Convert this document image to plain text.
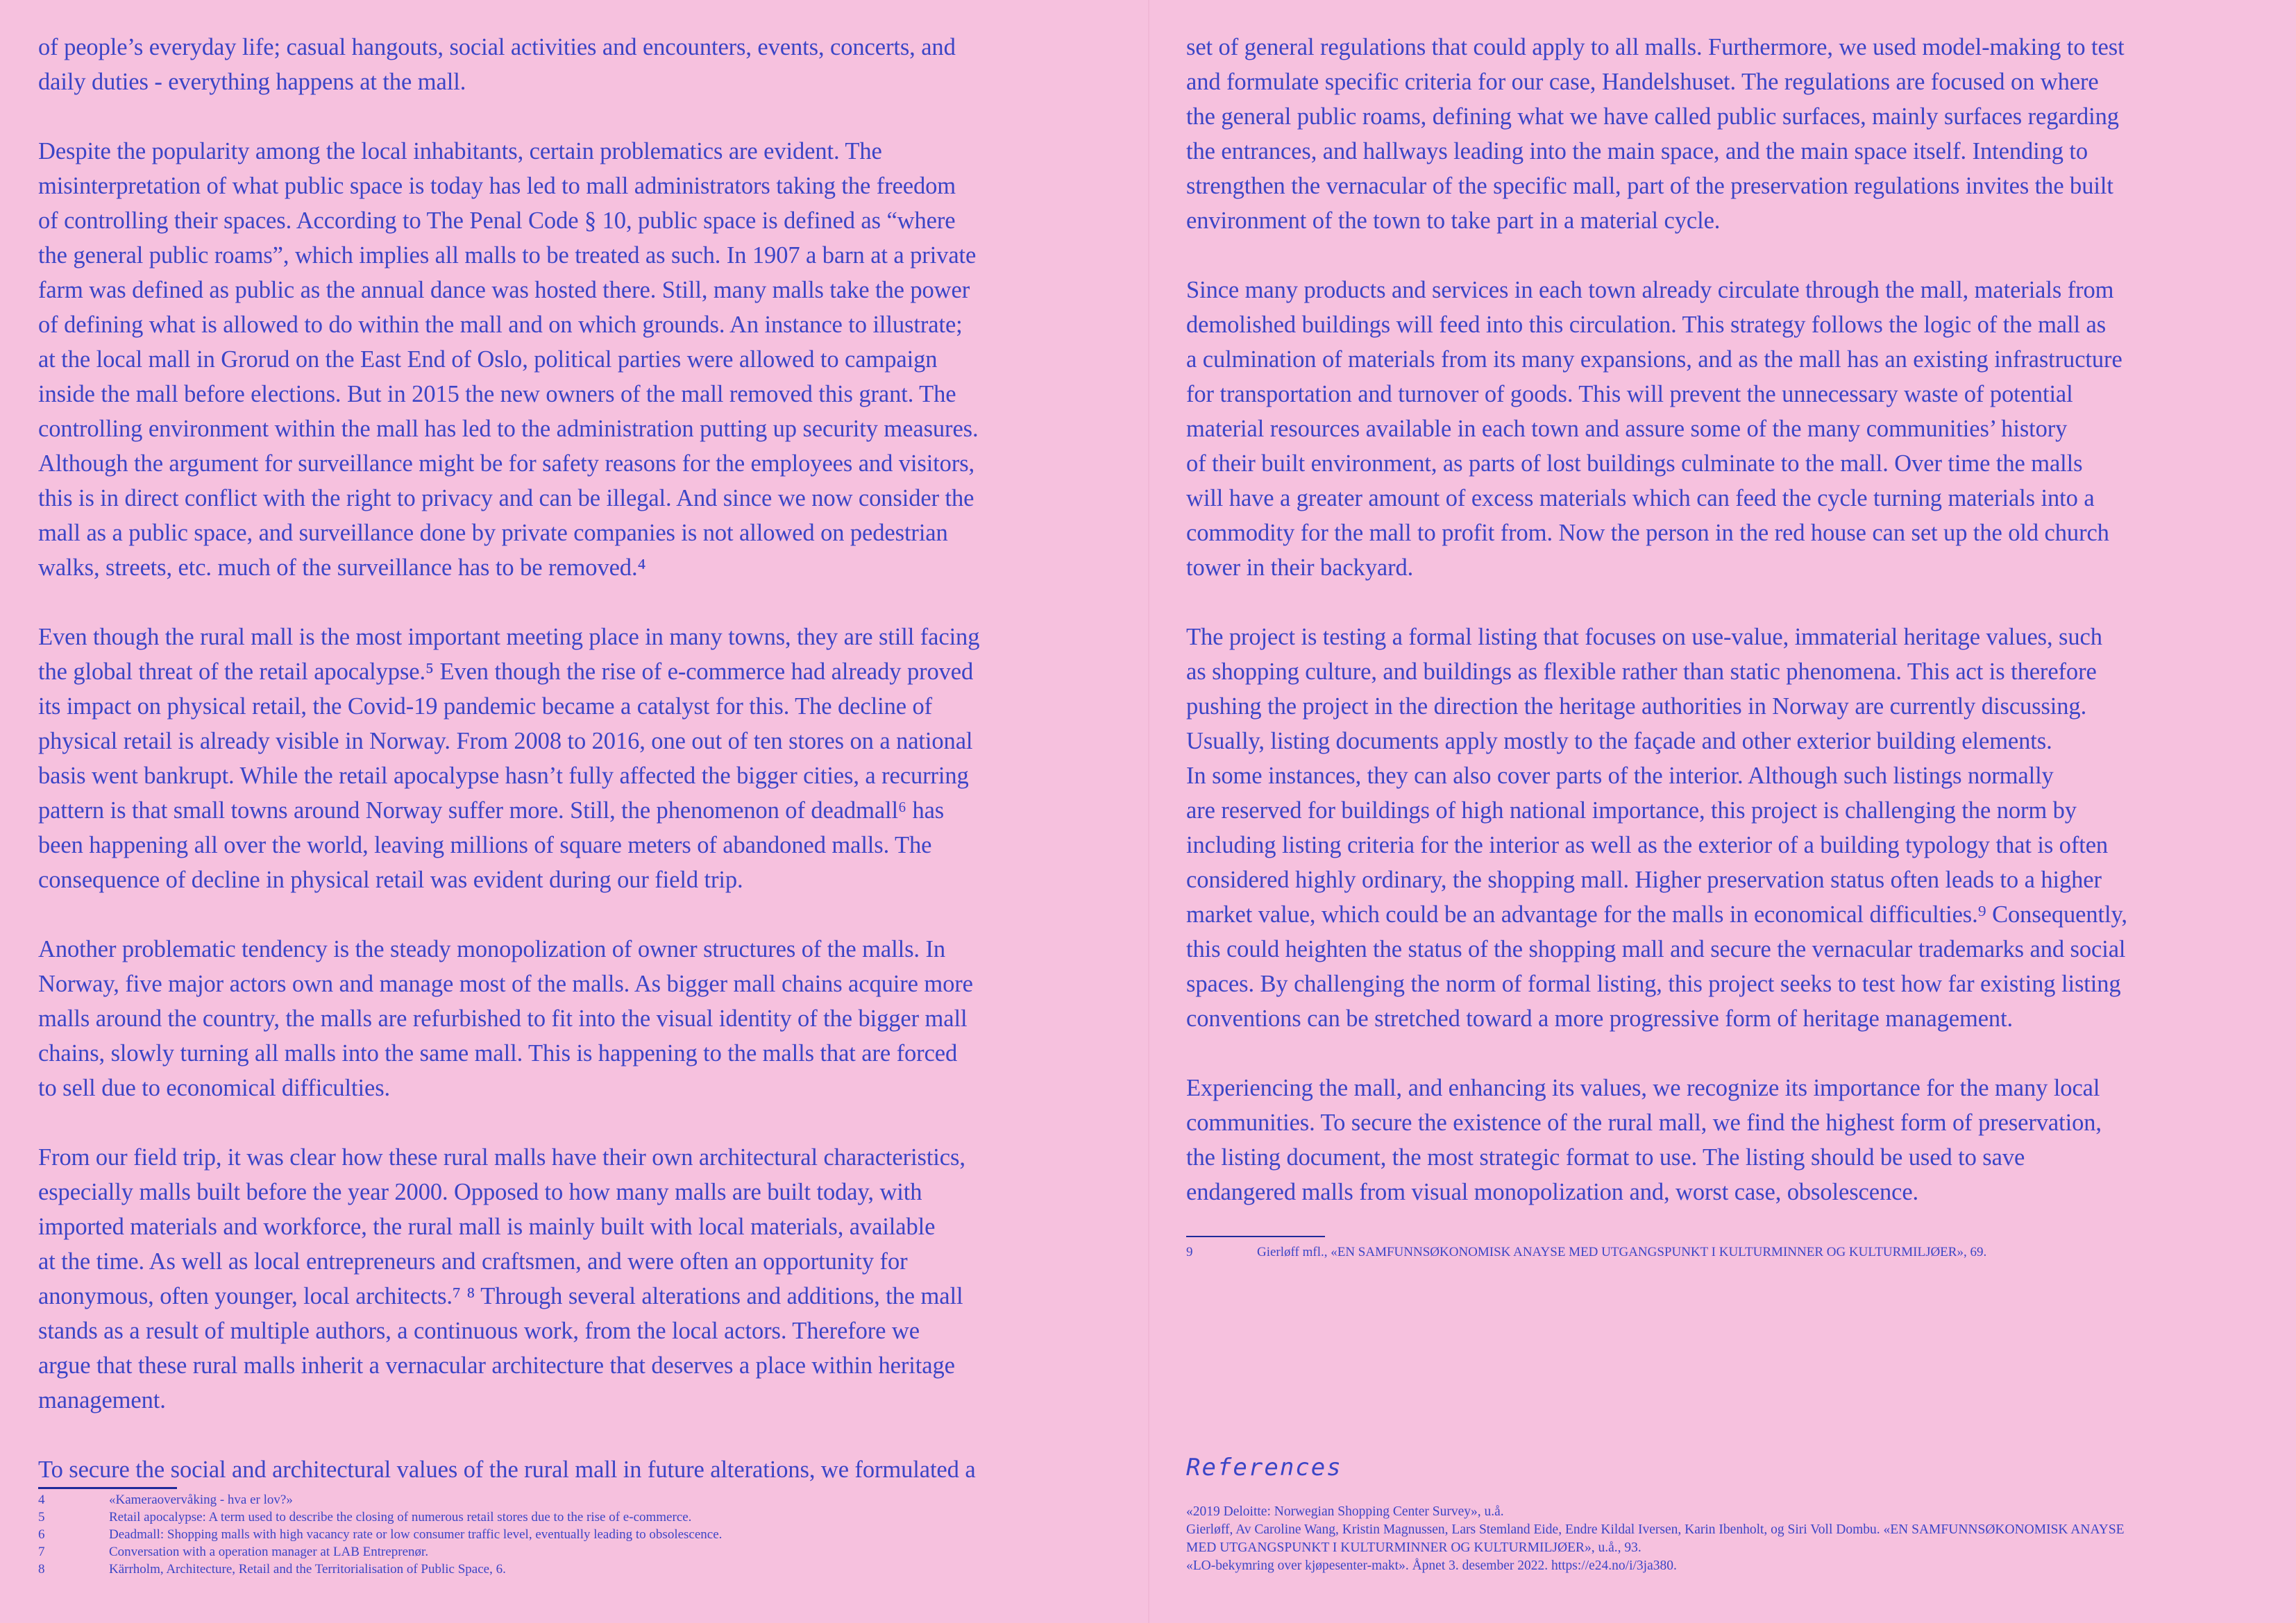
of people’s everyday life; casual hangouts, social activities and encounters, events, concerts, and
daily duties - everything happens at the mall.

Despite the popularity among the local inhabitants, certain problematics are evident. The
misinterpretation of what public space is today has led to mall administrators taking the freedom
of controlling their spaces. According to The Penal Code § 10, public space is defined as “where
the general public roams”, which implies all malls to be treated as such. In 1907 a barn at a private
farm was defined as public as the annual dance was hosted there. Still, many malls take the power
of defining what is allowed to do within the mall and on which grounds. An instance to illustrate;
at the local mall in Grorud on the East End of Oslo, political parties were allowed to campaign
inside the mall before elections. But in 2015 the new owners of the mall removed this grant. The
controlling environment within the mall has led to the administration putting up security measures.
Although the argument for surveillance might be for safety reasons for the employees and visitors,
this is in direct conflict with the right to privacy and can be illegal. And since we now consider the
mall as a public space, and surveillance done by private companies is not allowed on pedestrian
walks, streets, etc. much of the surveillance has to be removed.⁴

Even though the rural mall is the most important meeting place in many towns, they are still facing
the global threat of the retail apocalypse.⁵ Even though the rise of e-commerce had already proved
its impact on physical retail, the Covid-19 pandemic became a catalyst for this. The decline of
physical retail is already visible in Norway. From 2008 to 2016, one out of ten stores on a national
basis went bankrupt. While the retail apocalypse hasn’t fully affected the bigger cities, a recurring
pattern is that small towns around Norway suffer more. Still, the phenomenon of deadmall⁶ has
been happening all over the world, leaving millions of square meters of abandoned malls. The
consequence of decline in physical retail was evident during our field trip.

Another problematic tendency is the steady monopolization of owner structures of the malls. In
Norway, five major actors own and manage most of the malls. As bigger mall chains acquire more
malls around the country, the malls are refurbished to fit into the visual identity of the bigger mall
chains, slowly turning all malls into the same mall. This is happening to the malls that are forced
to sell due to economical difficulties.

From our field trip, it was clear how these rural malls have their own architectural characteristics,
especially malls built before the year 2000. Opposed to how many malls are built today, with
imported materials and workforce, the rural mall is mainly built with local materials, available
at the time. As well as local entrepreneurs and craftsmen, and were often an opportunity for
anonymous, often younger, local architects.⁷ ⁸ Through several alterations and additions, the mall
stands as a result of multiple authors, a continuous work, from the local actors. Therefore we
argue that these rural malls inherit a vernacular architecture that deserves a place within heritage
management.

To secure the social and architectural values of the rural mall in future alterations, we formulated a

4	«Kameraovervåking - hva er lov?»
5	Retail apocalypse: A term used to describe the closing of numerous retail stores due to the rise of e-commerce.
6	Deadmall: Shopping malls with high vacancy rate or low consumer traffic level, eventually leading to obsolescence.
7	Conversation with a operation manager at LAB Entreprenør.
8	Kärrholm, Architecture, Retail and the Territorialisation of Public Space, 6.

set of general regulations that could apply to all malls. Furthermore, we used model-making to test
and formulate specific criteria for our case, Handelshuset. The regulations are focused on where
the general public roams, defining what we have called public surfaces, mainly surfaces regarding
the entrances, and hallways leading into the main space, and the main space itself. Intending to
strengthen the vernacular of the specific mall, part of the preservation regulations invites the built
environment of the town to take part in a material cycle.

Since many products and services in each town already circulate through the mall, materials from
demolished buildings will feed into this circulation. This strategy follows the logic of the mall as
a culmination of materials from its many expansions, and as the mall has an existing infrastructure
for transportation and turnover of goods. This will prevent the unnecessary waste of potential
material resources available in each town and assure some of the many communities’ history
of their built environment, as parts of lost buildings culminate to the mall. Over time the malls
will have a greater amount of excess materials which can feed the cycle turning materials into a
commodity for the mall to profit from. Now the person in the red house can set up the old church
tower in their backyard.

The project is testing a formal listing that focuses on use-value, immaterial heritage values, such
as shopping culture, and buildings as flexible rather than static phenomena. This act is therefore
pushing the project in the direction the heritage authorities in Norway are currently discussing.
Usually, listing documents apply mostly to the façade and other exterior building elements.
In some instances, they can also cover parts of the interior. Although such listings normally
are reserved for buildings of high national importance, this project is challenging the norm by
including listing criteria for the interior as well as the exterior of a building typology that is often
considered highly ordinary, the shopping mall. Higher preservation status often leads to a higher
market value, which could be an advantage for the malls in economical difficulties.⁹ Consequently,
this could heighten the status of the shopping mall and secure the vernacular trademarks and social
spaces. By challenging the norm of formal listing, this project seeks to test how far existing listing
conventions can be stretched toward a more progressive form of heritage management.

Experiencing the mall, and enhancing its values, we recognize its importance for the many local
communities. To secure the existence of the rural mall, we find the highest form of preservation,
the listing document, the most strategic format to use. The listing should be used to save
endangered malls from visual monopolization and, worst case, obsolescence.

9	Gierløff mfl., «EN SAMFUNNSØKONOMISK ANAYSE MED UTGANGSPUNKT I KULTURMINNER OG KULTURMILJØER», 69.
References
«2019 Deloitte: Norwegian Shopping Center Survey», u.å.
Gierløff, Av Caroline Wang, Kristin Magnussen, Lars Stemland Eide, Endre Kildal Iversen, Karin Ibenholt, og Siri Voll Dombu. «EN SAMFUNNSØKONOMISK ANAYSE
MED UTGANGSPUNKT I KULTURMINNER OG KULTURMILJØER», u.å., 93.
«LO-bekymring over kjøpesenter-makt». Åpnet 3. desember 2022. https://e24.no/i/3ja380.
